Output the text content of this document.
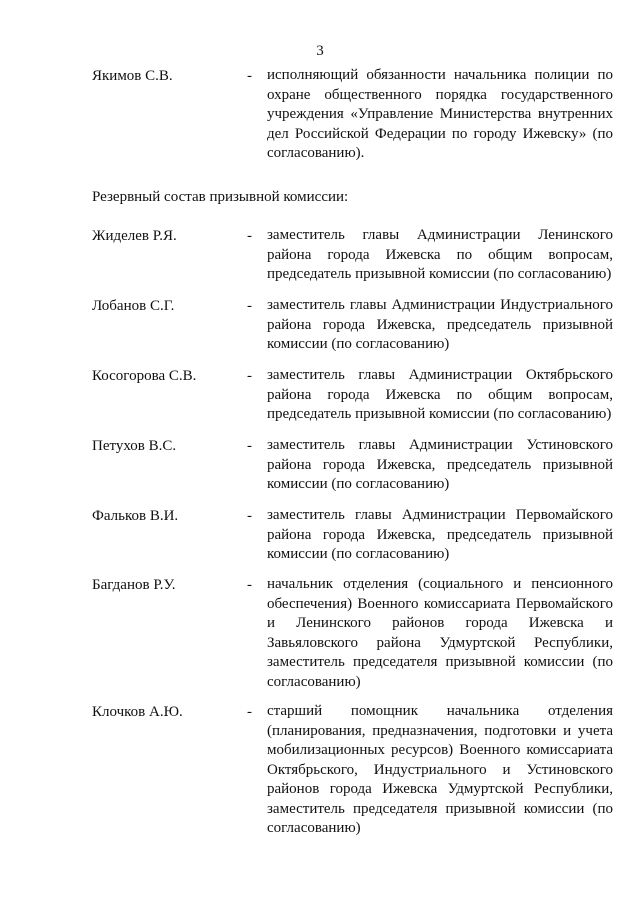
3
Якимов С.В.	- исполняющий обязанности начальника полиции по охране общественного порядка государственного учреждения «Управление Министерства внутренних дел Российской Федерации по городу Ижевску» (по согласованию).
Резервный состав призывной комиссии:
Жиделев Р.Я.	- заместитель главы Администрации Ленинского района города Ижевска по общим вопросам, председатель призывной комиссии (по согласованию)
Лобанов С.Г.	- заместитель главы Администрации Индустриального района города Ижевска, председатель призывной комиссии (по согласованию)
Косогорова С.В.	- заместитель главы Администрации Октябрьского района города Ижевска по общим вопросам, председатель призывной комиссии (по согласованию)
Петухов В.С.	- заместитель главы Администрации Устиновского района города Ижевска, председатель призывной комиссии (по согласованию)
Фальков В.И.	- заместитель главы Администрации Первомайского района города Ижевска, председатель призывной комиссии (по согласованию)
Багданов Р.У.	- начальник отделения (социального и пенсионного обеспечения) Военного комиссариата Первомайского и Ленинского районов города Ижевска и Завьяловского района Удмуртской Республики, заместитель председателя призывной комиссии (по согласованию)
Клочков А.Ю.	- старший помощник начальника отделения (планирования, предназначения, подготовки и учета мобилизационных ресурсов) Военного комиссариата Октябрьского, Индустриального и Устиновского районов города Ижевска Удмуртской Республики, заместитель председателя призывной комиссии (по согласованию)
